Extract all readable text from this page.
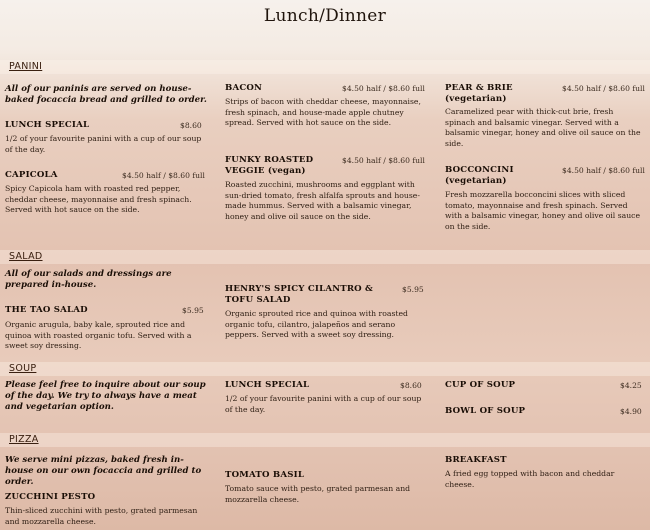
Lunch/Dinner
PANINI
All of our paninis are served on house-baked focaccia bread and grilled to order.
LUNCH SPECIAL	$8.60
1/2 of your favourite panini with a cup of our soup of the day.
CAPICOLA	$4.50 half / $8.60 full
Spicy Capicola ham with roasted red pepper, cheddar cheese, mayonnaise and fresh spinach. Served with hot sauce on the side.
BACON	$4.50 half / $8.60 full
Strips of bacon with cheddar cheese, mayonnaise, fresh spinach, and house-made apple chutney spread. Served with hot sauce on the side.
FUNKY ROASTED VEGGIE (vegan)
$4.50 half / $8.60 full
Roasted zucchini, mushrooms and eggplant with sun-dried tomato, fresh alfalfa sprouts and house-made hummus. Served with a balsamic vinegar, honey and olive oil sauce on the side.
PEAR & BRIE (vegetarian)
$4.50 half / $8.60 full
Caramelized pear with thick-cut brie, fresh spinach and balsamic vinegar. Served with a balsamic vinegar, honey and olive oil sauce on the side.
BOCCONCINI (vegetarian)
$4.50 half / $8.60 full
Fresh mozzarella bocconcini slices with sliced tomato, mayonnaise and fresh spinach. Served with a balsamic vinegar, honey and olive oil sauce on the side.
SALAD
All of our salads and dressings are prepared in-house.
THE TAO SALAD	$5.95
Organic arugula, baby kale, sprouted rice and quinoa with roasted organic tofu. Served with a sweet soy dressing.
HENRY'S SPICY CILANTRO & TOFU SALAD
$5.95
Organic sprouted rice and quinoa with roasted organic tofu, cilantro, jalapeños and serano peppers. Served with a sweet soy dressing.
SOUP
Please feel free to inquire about our soup of the day. We try to always have a meat and vegetarian option.
LUNCH SPECIAL	$8.60
1/2 of your favourite panini with a cup of our soup of the day.
CUP OF SOUP	$4.25
BOWL OF SOUP	$4.90
PIZZA
We serve mini pizzas, baked fresh in-house on our own focaccia and grilled to order.
ZUCCHINI PESTO
Thin-sliced zucchini with pesto, grated parmesan and mozzarella cheese.
TOMATO BASIL
Tomato sauce with pesto, grated parmesan and mozzarella cheese.
BREAKFAST
A fried egg topped with bacon and cheddar cheese.
